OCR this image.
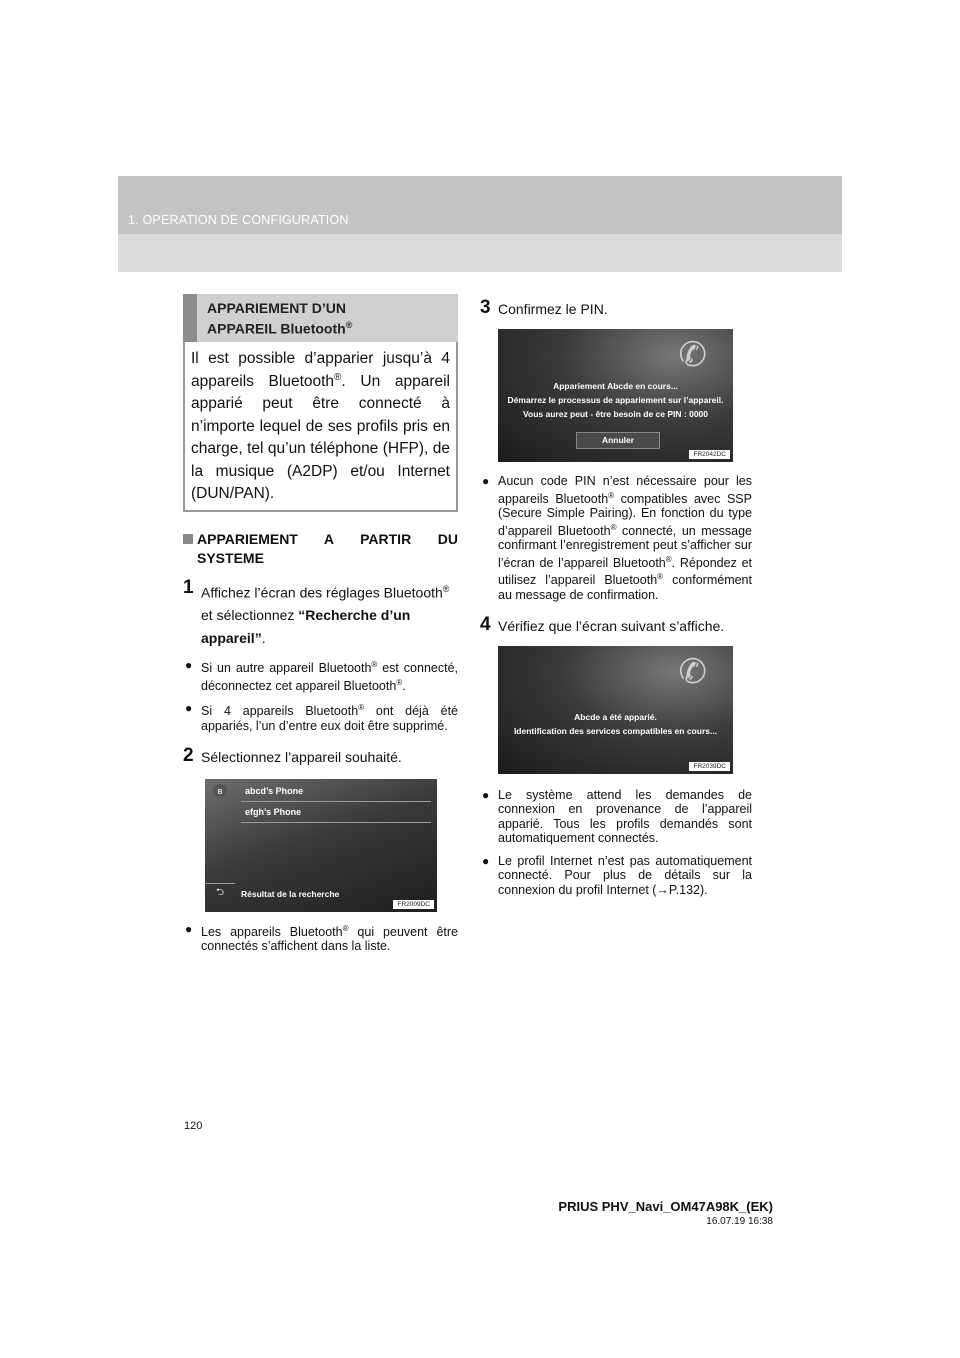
1. OPERATION DE CONFIGURATION
APPARIEMENT D’UN
APPAREIL Bluetooth®
Il est possible d’apparier jusqu’à 4 appareils Bluetooth®. Un appareil apparié peut être connecté à n’importe lequel de ses profils pris en charge, tel qu’un téléphone (HFP), de la musique (A2DP) et/ou Internet (DUN/PAN).
APPARIEMENT A PARTIR DU SYSTEME
1 Affichez l’écran des réglages Bluetooth® et sélectionnez “Recherche d’un appareil”.
● Si un autre appareil Bluetooth® est connecté, déconnectez cet appareil Bluetooth®.
● Si 4 appareils Bluetooth® ont déjà été appariés, l’un d’entre eux doit être supprimé.
2 Sélectionnez l’appareil souhaité.
ʙ	abcd’s Phone
efgh’s Phone
⮌	Résultat de la recherche
FR2009DC
● Les appareils Bluetooth® qui peuvent être connectés s’affichent dans la liste.
3 Confirmez le PIN.
✆
Appariement Abcde en cours...
Démarrez le processus de appariement sur l’appareil.
Vous aurez peut - être besoin de ce PIN : 0000
Annuler
FR2042DC
● Aucun code PIN n’est nécessaire pour les appareils Bluetooth® compatibles avec SSP (Secure Simple Pairing). En fonction du type d’appareil Bluetooth® connecté, un message confirmant l’enregistrement peut s’afficher sur l’écran de l’appareil Bluetooth®. Répondez et utilisez l’appareil Bluetooth® conformément au message de confirmation.
4 Vérifiez que l’écran suivant s’affiche.
✆
Abcde a été apparié.
Identification des services compatibles en cours...
FR2039DC
● Le système attend les demandes de connexion en provenance de l’appareil apparié. Tous les profils demandés sont automatiquement connectés.
● Le profil Internet n’est pas automatiquement connecté. Pour plus de détails sur la connexion du profil Internet (→P.132).
120
PRIUS PHV_Navi_OM47A98K_(EK)
16.07.19 16:38
